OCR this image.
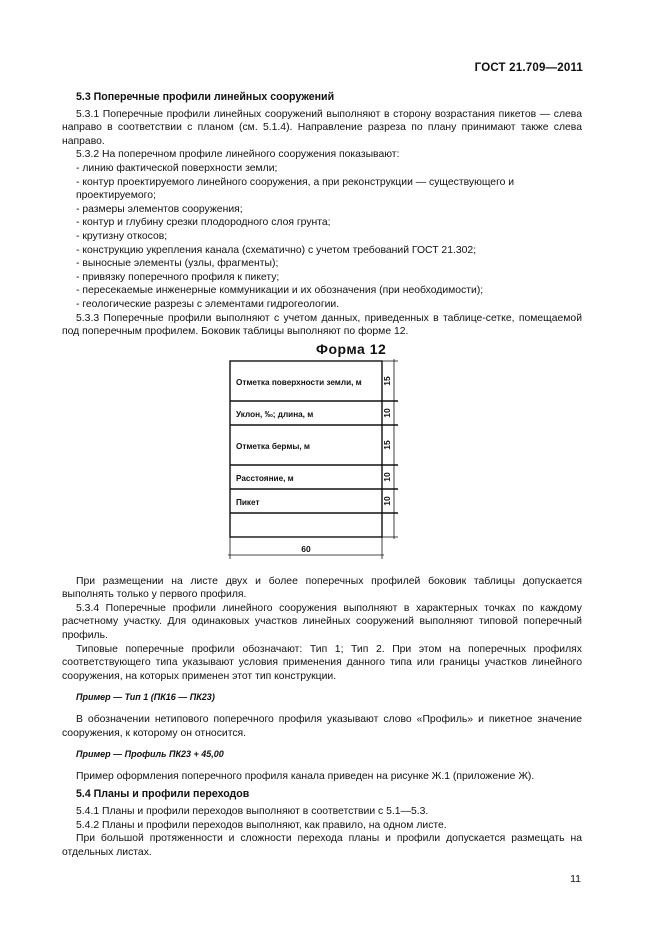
ГОСТ 21.709—2011

5.3 Поперечные профили линейных сооружений

5.3.1 Поперечные профили линейных сооружений выполняют в сторону возрастания пикетов — слева направо в соответствии с планом (см. 5.1.4). Направление разреза по плану принимают также слева направо.

5.3.2 На поперечном профиле линейного сооружения показывают:

- линию фактической поверхности земли;

- контур проектируемого линейного сооружения, а при реконструкции — существующего и проектируемого;

- размеры элементов сооружения;

- контур и глубину срезки плодородного слоя грунта;

- крутизну откосов;

- конструкцию укрепления канала (схематично) с учетом требований ГОСТ 21.302;

- выносные элементы (узлы, фрагменты);

- привязку поперечного профиля к пикету;

- пересекаемые инженерные коммуникации и их обозначения (при необходимости);

- геологические разрезы с элементами гидрогеологии.

5.3.3 Поперечные профили выполняют с учетом данных, приведенных в таблице-сетке, помещаемой под поперечным профилем. Боковик таблицы выполняют по форме 12.

Форма 12
Отметка поверхности земли, м
Уклон, ‰; длина, м
Отметка бермы, м
Расстояние, м
Пикет
15
10
15
10
10
60

При размещении на листе двух и более поперечных профилей боковик таблицы допускается выполнять только у первого профиля.

5.3.4 Поперечные профили линейного сооружения выполняют в характерных точках по каждому расчетному участку. Для одинаковых участков линейных сооружений выполняют типовой поперечный профиль.

Типовые поперечные профили обозначают: Тип 1; Тип 2. При этом на поперечных профилях соответствующего типа указывают условия применения данного типа или границы участков линейного сооружения, на которых применен этот тип конструкции.

Пример — Тип 1 (ПК16 — ПК23)

В обозначении нетипового поперечного профиля указывают слово «Профиль» и пикетное значение сооружения, к которому он относится.

Пример — Профиль ПК23 + 45,00

Пример оформления поперечного профиля канала приведен на рисунке Ж.1 (приложение Ж).

5.4 Планы и профили переходов

5.4.1 Планы и профили переходов выполняют в соответствии с 5.1—5.3.

5.4.2 Планы и профили переходов выполняют, как правило, на одном листе.

При большой протяженности и сложности перехода планы и профили допускается размещать на отдельных листах.

11
